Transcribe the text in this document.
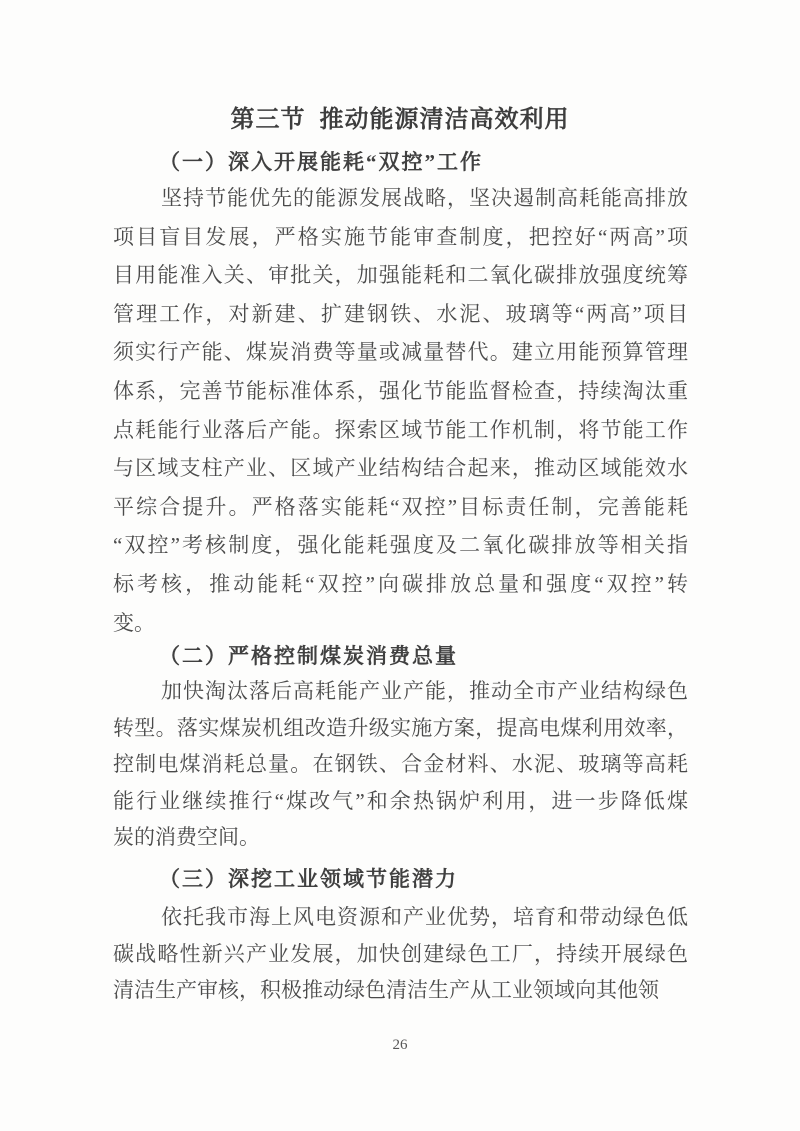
第三节  推动能源清洁高效利用
（一）深入开展能耗“双控”工作
坚持节能优先的能源发展战略，坚决遏制高耗能高排放
项目盲目发展，严格实施节能审查制度，把控好“两高”项
目用能准入关、审批关，加强能耗和二氧化碳排放强度统筹
管理工作，对新建、扩建钢铁、水泥、玻璃等“两高”项目
须实行产能、煤炭消费等量或减量替代。建立用能预算管理
体系，完善节能标准体系，强化节能监督检查，持续淘汰重
点耗能行业落后产能。探索区域节能工作机制，将节能工作
与区域支柱产业、区域产业结构结合起来，推动区域能效水
平综合提升。严格落实能耗“双控”目标责任制，完善能耗
“双控”考核制度，强化能耗强度及二氧化碳排放等相关指
标考核，推动能耗“双控”向碳排放总量和强度“双控”转
变。
（二）严格控制煤炭消费总量
加快淘汰落后高耗能产业产能，推动全市产业结构绿色
转型。落实煤炭机组改造升级实施方案，提高电煤利用效率，
控制电煤消耗总量。在钢铁、合金材料、水泥、玻璃等高耗
能行业继续推行“煤改气”和余热锅炉利用，进一步降低煤
炭的消费空间。
（三）深挖工业领域节能潜力
依托我市海上风电资源和产业优势，培育和带动绿色低
碳战略性新兴产业发展，加快创建绿色工厂，持续开展绿色
清洁生产审核，积极推动绿色清洁生产从工业领域向其他领
26
